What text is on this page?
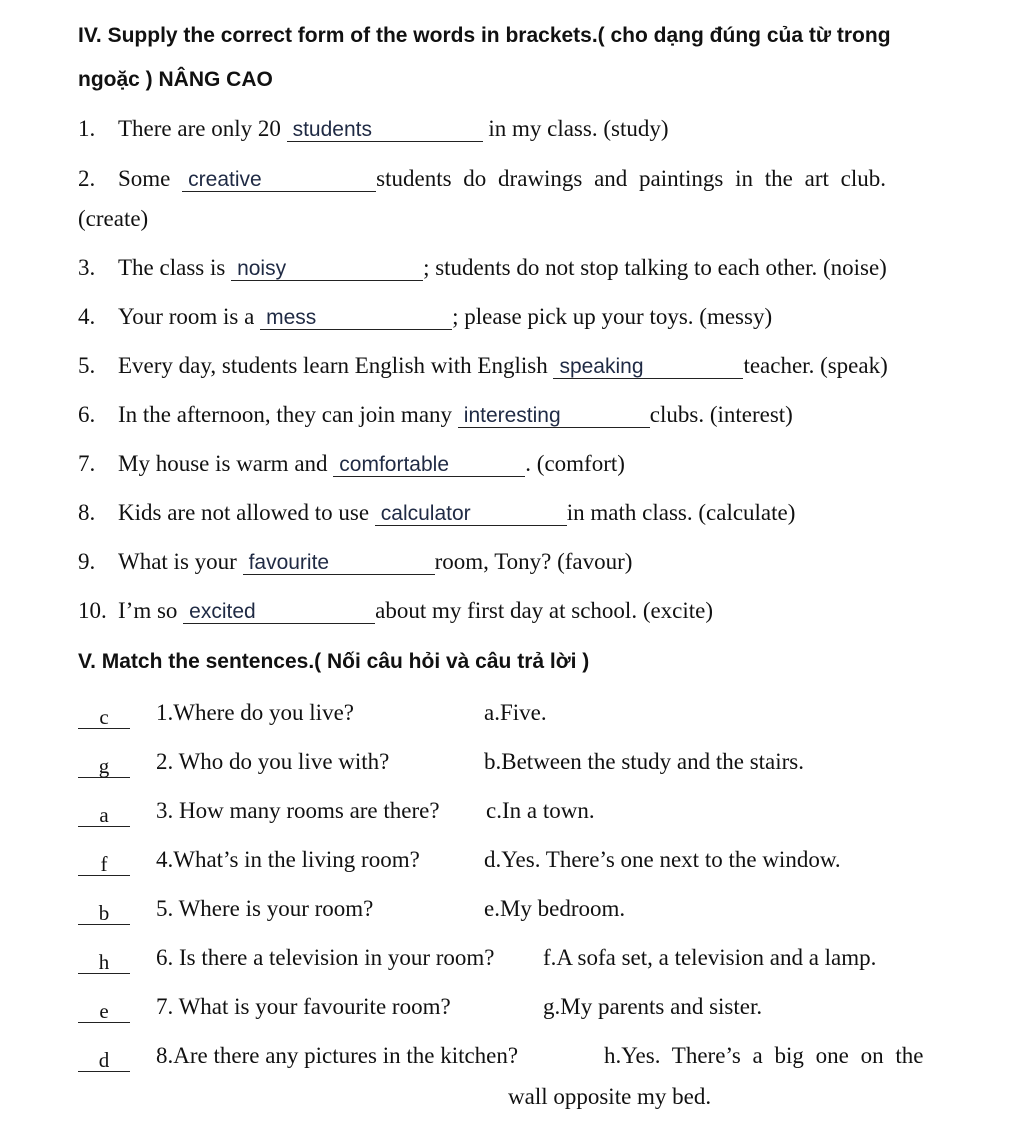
IV. Supply the correct form of the words in brackets.( cho dạng đúng của từ trong
ngoặc ) NÂNG CAO
1. There are only 20 students	in my class. (study)
2. Some creative	students do drawings and paintings in the art club.
(create)
3. The class is noisy	; students do not stop talking to each other. (noise)
4. Your room is a mess	; please pick up your toys. (messy)
5. Every day, students learn English with English speaking	teacher. (speak)
6. In the afternoon, they can join many interesting	clubs. (interest)
7. My house is warm and comfortable	. (comfort)
8. Kids are not allowed to use calculator	in math class. (calculate)
9. What is your favourite	room, Tony? (favour)
10. I’m so excited	about my first day at school. (excite)
V. Match the sentences.( Nối câu hỏi và câu trả lời )
c	1.Where do you live?	a.Five.
g	2. Who do you live with?	b.Between the study and the stairs.
a	3. How many rooms are there? c.In a town.
f	4.What’s in the living room?	d.Yes. There’s one next to the window.
b	5. Where is your room?	e.My bedroom.
h	6. Is there a television in your room? f.A sofa set, a television and a lamp.
e	7. What is your favourite room?	g.My parents and sister.
d	8.Are there any pictures in the kitchen?	h.Yes. There’s a big one on the
wall opposite my bed.
